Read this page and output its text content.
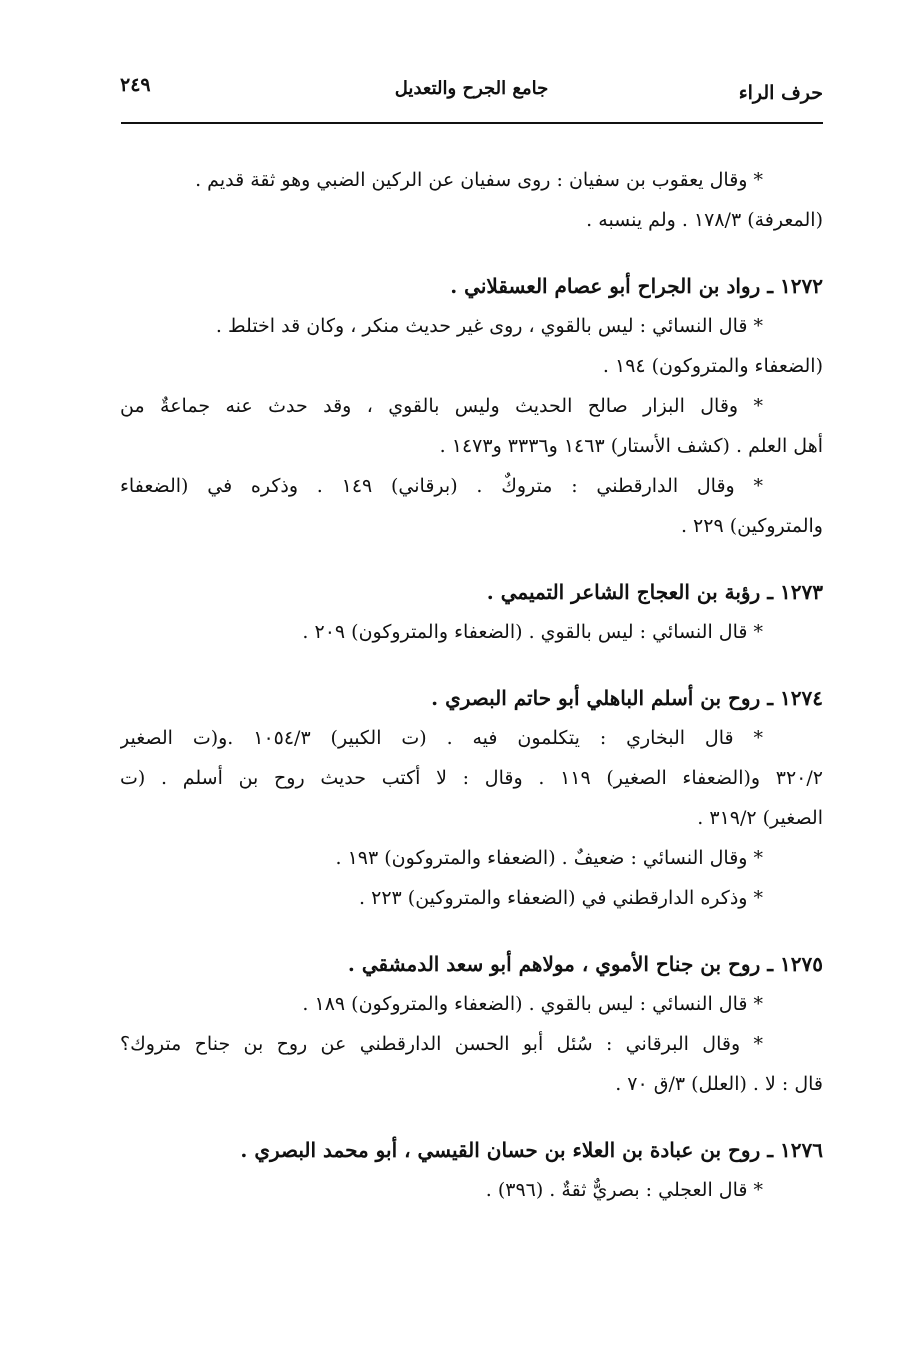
حرف الراء
جامع الجرح والتعديل
٢٤٩
* وقال يعقوب بن سفيان : روى سفيان عن الركين الضبي وهو ثقة قديم .
(المعرفة) ١٧٨/٣ . ولم ينسبه .
١٢٧٢ ـ رواد بن الجراح أبو عصام العسقلاني .
* قال النسائي : ليس بالقوي ، روى غير حديث منكر ، وكان قد اختلط .
(الضعفاء والمتروكون) ١٩٤ .
* وقال البزار صالح الحديث وليس بالقوي ، وقد حدث عنه جماعةٌ من
أهل العلم . (كشف الأستار) ١٤٦٣ و٣٣٣٦ و١٤٧٣ .
* وقال الدارقطني : متروكٌ . (برقاني) ١٤٩ . وذكره في (الضعفاء
والمتروكين) ٢٢٩ .
١٢٧٣ ـ رؤبة بن العجاج الشاعر التميمي .
* قال النسائي : ليس بالقوي . (الضعفاء والمتروكون) ٢٠٩ .
١٢٧٤ ـ روح بن أسلم الباهلي أبو حاتم البصري .
* قال البخاري : يتكلمون فيه . (ت الكبير) ١٠٥٤/٣ .و(ت الصغير
٣٢٠/٢ و(الضعفاء الصغير) ١١٩ . وقال : لا أكتب حديث روح بن أسلم . (ت
الصغير) ٣١٩/٢ .
* وقال النسائي : ضعيفٌ . (الضعفاء والمتروكون) ١٩٣ .
* وذكره الدارقطني في (الضعفاء والمتروكين) ٢٢٣ .
١٢٧٥ ـ روح بن جناح الأموي ، مولاهم أبو سعد الدمشقي .
* قال النسائي : ليس بالقوي . (الضعفاء والمتروكون) ١٨٩ .
* وقال البرقاني : سُئل أبو الحسن الدارقطني عن روح بن جناح متروك؟
قال : لا . (العلل) ٣/ق ٧٠ .
١٢٧٦ ـ روح بن عبادة بن العلاء بن حسان القيسي ، أبو محمد البصري .
* قال العجلي : بصريٌّ ثقةٌ . (٣٩٦) .
